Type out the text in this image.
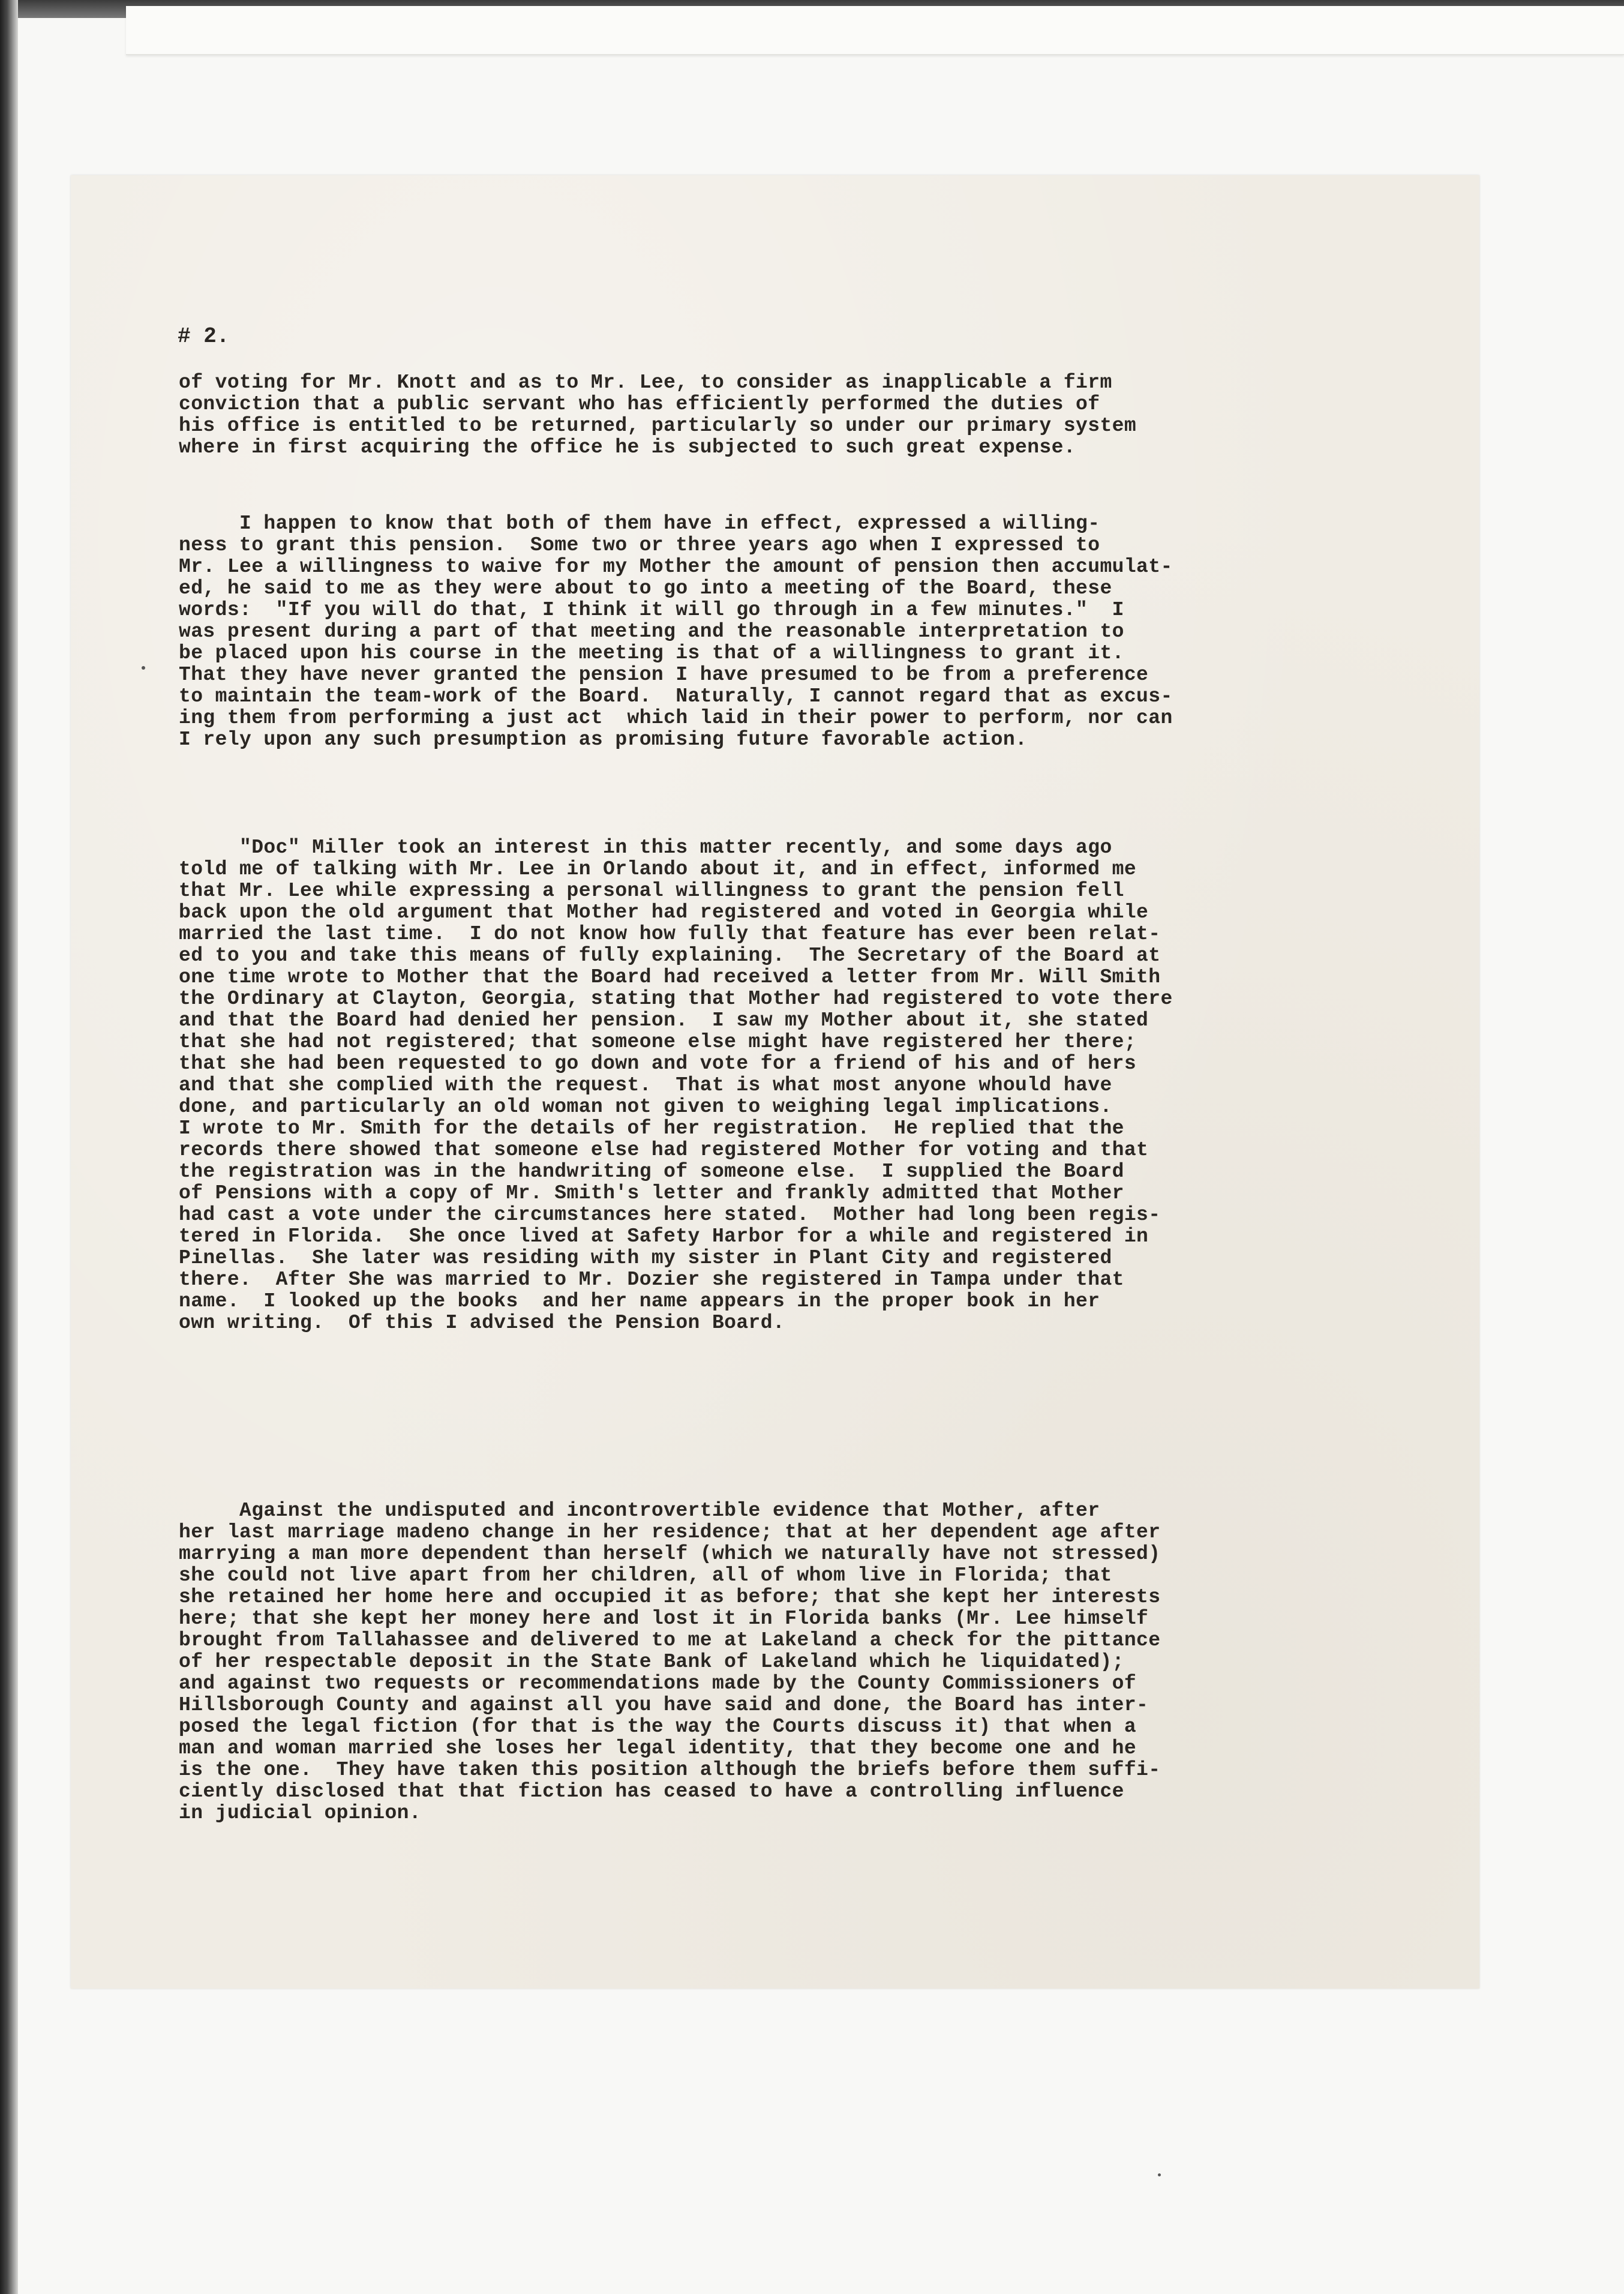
# 2.
of voting for Mr. Knott and as to Mr. Lee, to consider as inapplicable a firm
conviction that a public servant who has efficiently performed the duties of
his office is entitled to be returned, particularly so under our primary system
where in first acquiring the office he is subjected to such great expense.
I happen to know that both of them have in effect, expressed a willing-
ness to grant this pension.  Some two or three years ago when I expressed to
Mr. Lee a willingness to waive for my Mother the amount of pension then accumulat-
ed, he said to me as they were about to go into a meeting of the Board, these
words:  "If you will do that, I think it will go through in a few minutes."  I
was present during a part of that meeting and the reasonable interpretation to
be placed upon his course in the meeting is that of a willingness to grant it.
That they have never granted the pension I have presumed to be from a preference
to maintain the team-work of the Board.  Naturally, I cannot regard that as excus-
ing them from performing a just act  which laid in their power to perform, nor can
I rely upon any such presumption as promising future favorable action.
"Doc" Miller took an interest in this matter recently, and some days ago
told me of talking with Mr. Lee in Orlando about it, and in effect, informed me
that Mr. Lee while expressing a personal willingness to grant the pension fell
back upon the old argument that Mother had registered and voted in Georgia while
married the last time.  I do not know how fully that feature has ever been relat-
ed to you and take this means of fully explaining.  The Secretary of the Board at
one time wrote to Mother that the Board had received a letter from Mr. Will Smith
the Ordinary at Clayton, Georgia, stating that Mother had registered to vote there
and that the Board had denied her pension.  I saw my Mother about it, she stated
that she had not registered; that someone else might have registered her there;
that she had been requested to go down and vote for a friend of his and of hers
and that she complied with the request.  That is what most anyone whould have
done, and particularly an old woman not given to weighing legal implications.
I wrote to Mr. Smith for the details of her registration.  He replied that the
records there showed that someone else had registered Mother for voting and that
the registration was in the handwriting of someone else.  I supplied the Board
of Pensions with a copy of Mr. Smith's letter and frankly admitted that Mother
had cast a vote under the circumstances here stated.  Mother had long been regis-
tered in Florida.  She once lived at Safety Harbor for a while and registered in
Pinellas.  She later was residing with my sister in Plant City and registered
there.  After She was married to Mr. Dozier she registered in Tampa under that
name.  I looked up the books  and her name appears in the proper book in her
own writing.  Of this I advised the Pension Board.
Against the undisputed and incontrovertible evidence that Mother, after
her last marriage madeno change in her residence; that at her dependent age after
marrying a man more dependent than herself (which we naturally have not stressed)
she could not live apart from her children, all of whom live in Florida; that
she retained her home here and occupied it as before; that she kept her interests
here; that she kept her money here and lost it in Florida banks (Mr. Lee himself
brought from Tallahassee and delivered to me at Lakeland a check for the pittance
of her respectable deposit in the State Bank of Lakeland which he liquidated);
and against two requests or recommendations made by the County Commissioners of
Hillsborough County and against all you have said and done, the Board has inter-
posed the legal fiction (for that is the way the Courts discuss it) that when a
man and woman married she loses her legal identity, that they become one and he
is the one.  They have taken this position although the briefs before them suffi-
ciently disclosed that that fiction has ceased to have a controlling influence
in judicial opinion.
